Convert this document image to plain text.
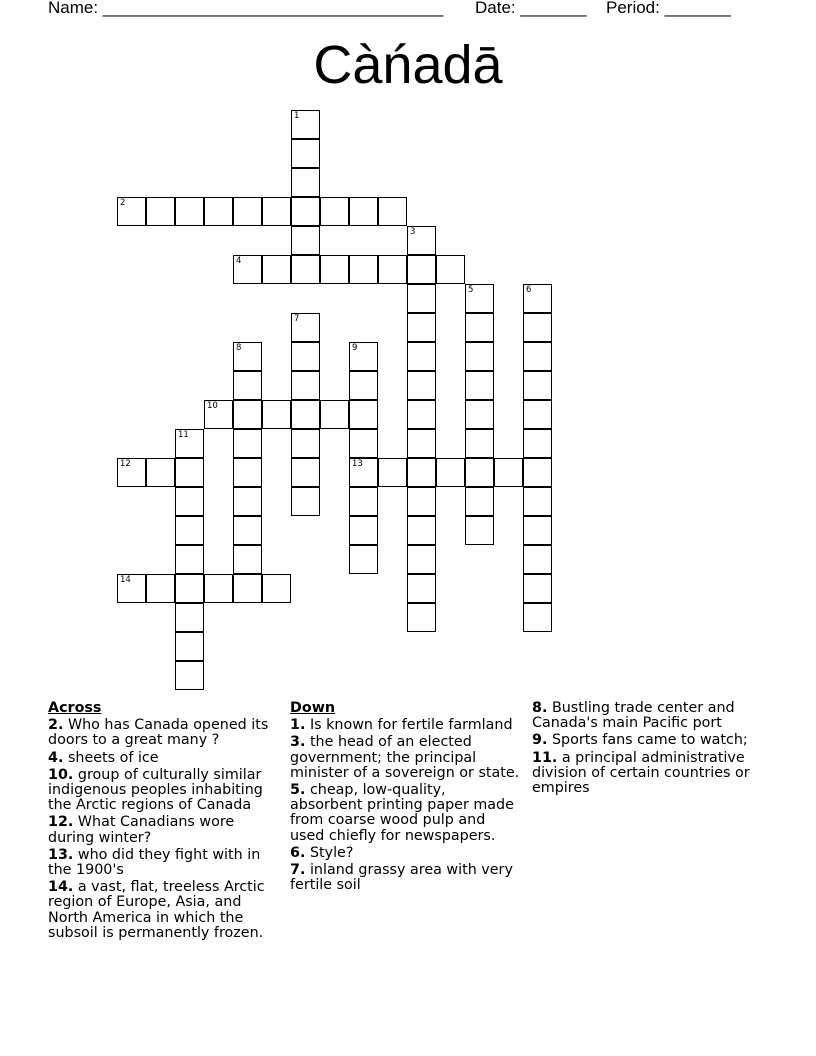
Name: ____________________________________ Date: _______ Period: _______
Càńadā
1
2
3
4
5	6
7
8	9
13
10
11
12
14
Across
2. Who has Canada opened its doors to a great many ?
4. sheets of ice
10. group of culturally similar indigenous peoples inhabiting the Arctic regions of Canada
12. What Canadians wore during winter?
13. who did they fight with in the 1900's
14. a vast, flat, treeless Arctic region of Europe, Asia, and North America in which the subsoil is permanently frozen.
Down
1. Is known for fertile farmland
3. the head of an elected government; the principal minister of a sovereign or state.
5. cheap, low-quality, absorbent printing paper made from coarse wood pulp and used chiefly for newspapers.
6. Style?
7. inland grassy area with very fertile soil
8. Bustling trade center and Canada's main Pacific port
9. Sports fans came to watch;
11. a principal administrative division of certain countries or empires
